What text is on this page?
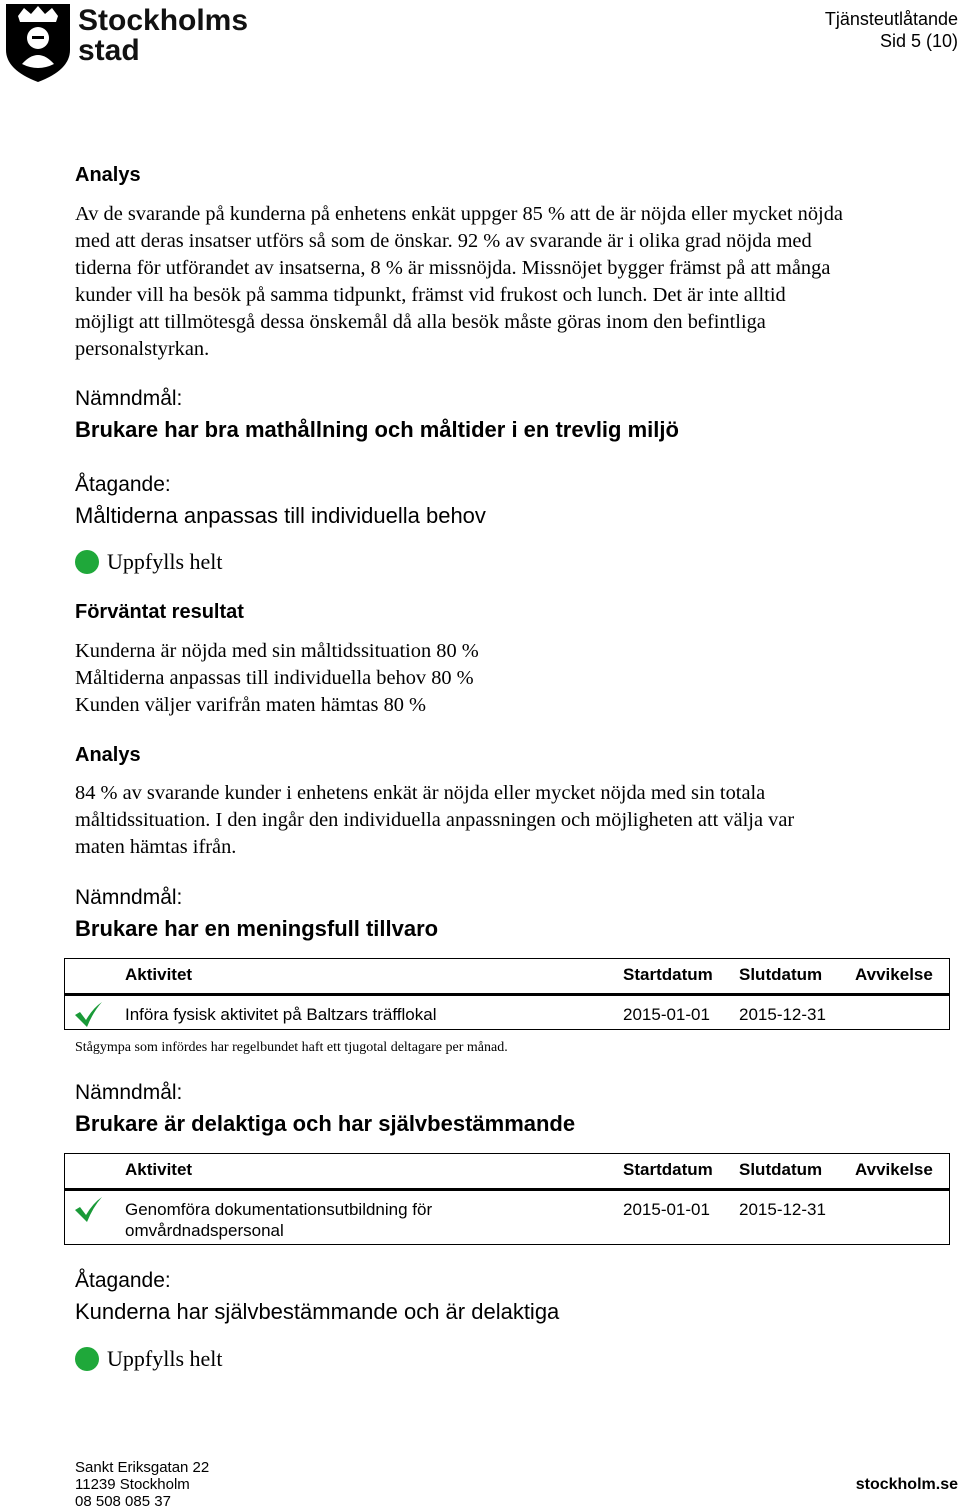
Stockholms
stad
Tjänsteutlåtande
Sid 5 (10)
Analys
Av de svarande på kunderna på enhetens enkät uppger 85 % att de är nöjda eller mycket nöjda
med att deras insatser utförs så som de önskar. 92 % av svarande är i olika grad nöjda med
tiderna för utförandet av insatserna, 8 % är missnöjda. Missnöjet bygger främst på att många
kunder vill ha besök på samma tidpunkt, främst vid frukost och lunch. Det är inte alltid
möjligt att tillmötesgå dessa önskemål då alla besök måste göras inom den befintliga
personalstyrkan.
Nämndmål:
Brukare har bra mathållning och måltider i en trevlig miljö
Åtagande:
Måltiderna anpassas till individuella behov
Uppfylls helt
Förväntat resultat
Kunderna är nöjda med sin måltidssituation 80 %
Måltiderna anpassas till individuella behov 80 %
Kunden väljer varifrån maten hämtas 80 %
Analys
84 % av svarande kunder i enhetens enkät är nöjda eller mycket nöjda med sin totala
måltidssituation. I den ingår den individuella anpassningen och möjligheten att välja var
maten hämtas ifrån.
Nämndmål:
Brukare har en meningsfull tillvaro
Aktivitet	Startdatum Slutdatum Avvikelse
Införa fysisk aktivitet på Baltzars träfflokal	2015-01-01 2015-12-31
Stågympa som infördes har regelbundet haft ett tjugotal deltagare per månad.
Nämndmål:
Brukare är delaktiga och har självbestämmande
Aktivitet	Startdatum Slutdatum Avvikelse
Genomföra dokumentationsutbildning för
omvårdnadspersonal
2015-01-01 2015-12-31
Åtagande:
Kunderna har självbestämmande och är delaktiga
Uppfylls helt
Sankt Eriksgatan 22
11239 Stockholm
08 508 085 37
stockholm.se
